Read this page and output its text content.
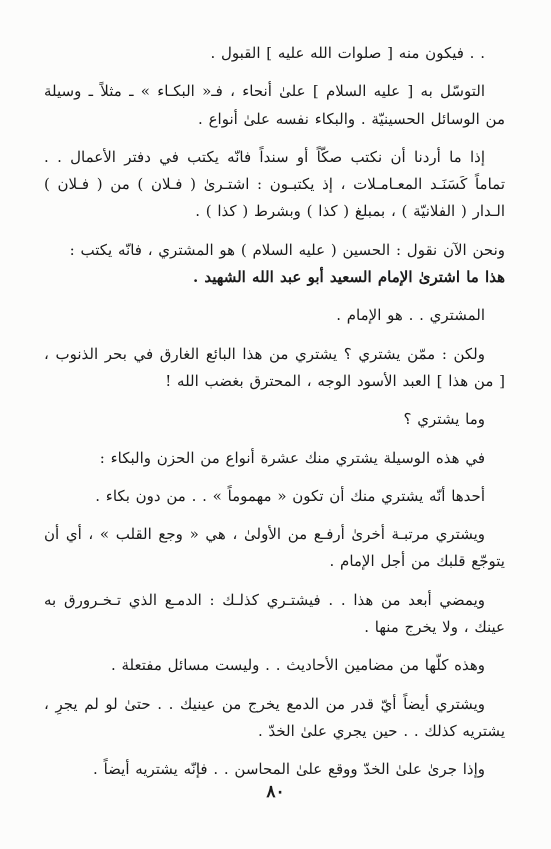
. . فيكون منه [ صلوات الله عليه ] القبول .

التوسّل به [ عليه السلام ] علىٰ أنحاء ، فـ« البكـاء » ـ مثلاً ـ وسيلة من الوسائل الحسينيّة . والبكاء نفسه علىٰ أنواع .

إذا ما أردنا أن نكتب صكّاً أو سنداً فانّه يكتب في دفتر الأعمال . . تماماً كَسَنَـد المعـامـلات ، إذ يكتبـون : اشتـرىٰ ( فـلان ) من ( فـلان ) الـدار ( الفلانيّة ) ، بمبلغ ( كذا ) وبشرط ( كذا ) .

ونحن الآن نقول : الحسين ( عليه السلام ) هو المشتري ، فانّه يكتب :
هذا ما اشترىٰ الإمام السعيد أبو عبد الله الشهيد .

المشتري . . هو الإمام .

ولكن : ممّن يشتري ؟ يشتري من هذا البائع الغارق في بحر الذنوب ، [ من هذا ] العبد الأسود الوجه ، المحترق بغضب الله !

وما يشتري ؟

في هذه الوسيلة يشتري منك عشرة أنواع من الحزن والبكاء :

أحدها أنّه يشتري منك أن تكون « مهموماً » . . من دون بكاء .

ويشتري مرتبـة أخرىٰ أرفـع من الأولىٰ ، هي « وجع القلب » ، أي أن يتوجّع قلبك من أجل الإمام .

ويمضي أبعد من هذا . . فيشتـري كذلـك : الدمـع الذي تـخـرورق به عينك ، ولا يخرج منها .

وهذه كلّها من مضامين الأحاديث . . وليست مسائل مفتعلة .

ويشتري أيضاً أيّ قدر من الدمع يخرج من عينيك . . حتىٰ لو لم يجرِ ، يشتريه كذلك . . حين يجري علىٰ الخدّ .

وإذا جرىٰ علىٰ الخدّ ووقع علىٰ المحاسن . . فإنّه يشتريه أيضاً .

٨٠
